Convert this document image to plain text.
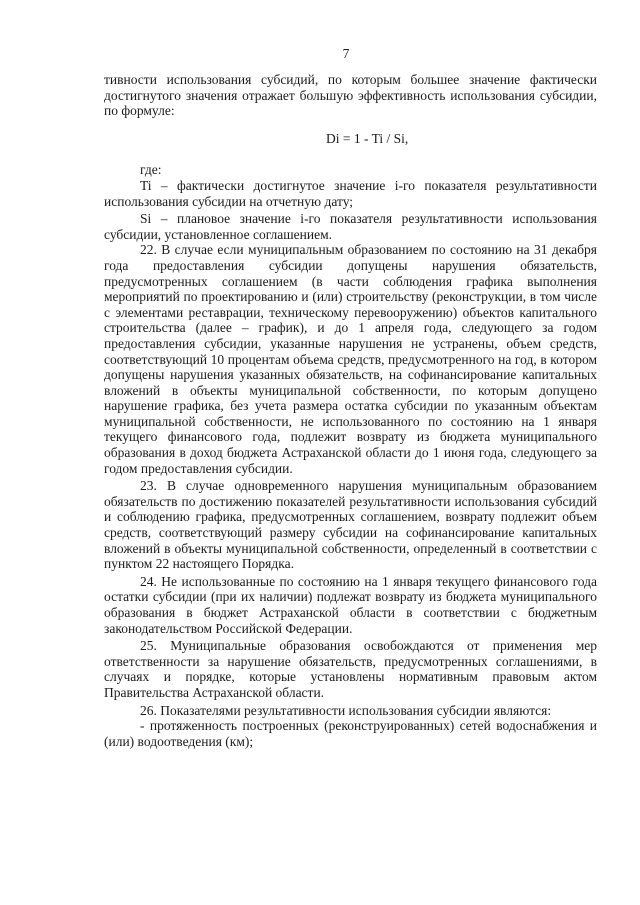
7

тивности использования субсидий, по которым большее значение фактически достигнутого значения отражает большую эффективность использования субсидии, по формуле:

Di = 1 - Ti / Si,

где:

Ti – фактически достигнутое значение i-го показателя результативности использования субсидии на отчетную дату;

Si – плановое значение i-го показателя результативности использования субсидии, установленное соглашением.

22. В случае если муниципальным образованием по состоянию на 31 декабря года предоставления субсидии допущены нарушения обязательств, предусмотренных соглашением (в части соблюдения графика выполнения мероприятий по проектированию и (или) строительству (реконструкции, в том числе с элементами реставрации, техническому перевооружению) объектов капитального строительства (далее – график), и до 1 апреля года, следующего за годом предоставления субсидии, указанные нарушения не устранены, объем средств, соответствующий 10 процентам объема средств, предусмотренного на год, в котором допущены нарушения указанных обязательств, на софинансирование капитальных вложений в объекты муниципальной собственности, по которым допущено нарушение графика, без учета размера остатка субсидии по указанным объектам муниципальной собственности, не использованного по состоянию на 1 января текущего финансового года, подлежит возврату из бюджета муниципального образования в доход бюджета Астраханской области до 1 июня года, следующего за годом предоставления субсидии.

23. В случае одновременного нарушения муниципальным образованием обязательств по достижению показателей результативности использования субсидий и соблюдению графика, предусмотренных соглашением, возврату подлежит объем средств, соответствующий размеру субсидии на софинансирование капитальных вложений в объекты муниципальной собственности, определенный в соответствии с пунктом 22 настоящего Порядка.

24. Не использованные по состоянию на 1 января текущего финансового года остатки субсидии (при их наличии) подлежат возврату из бюджета муниципального образования в бюджет Астраханской области в соответствии с бюджетным законодательством Российской Федерации.

25. Муниципальные образования освобождаются от применения мер ответственности за нарушение обязательств, предусмотренных соглашениями, в случаях и порядке, которые установлены нормативным правовым актом Правительства Астраханской области.

26. Показателями результативности использования субсидии являются:

- протяженность построенных (реконструированных) сетей водоснабжения и (или) водоотведения (км);
